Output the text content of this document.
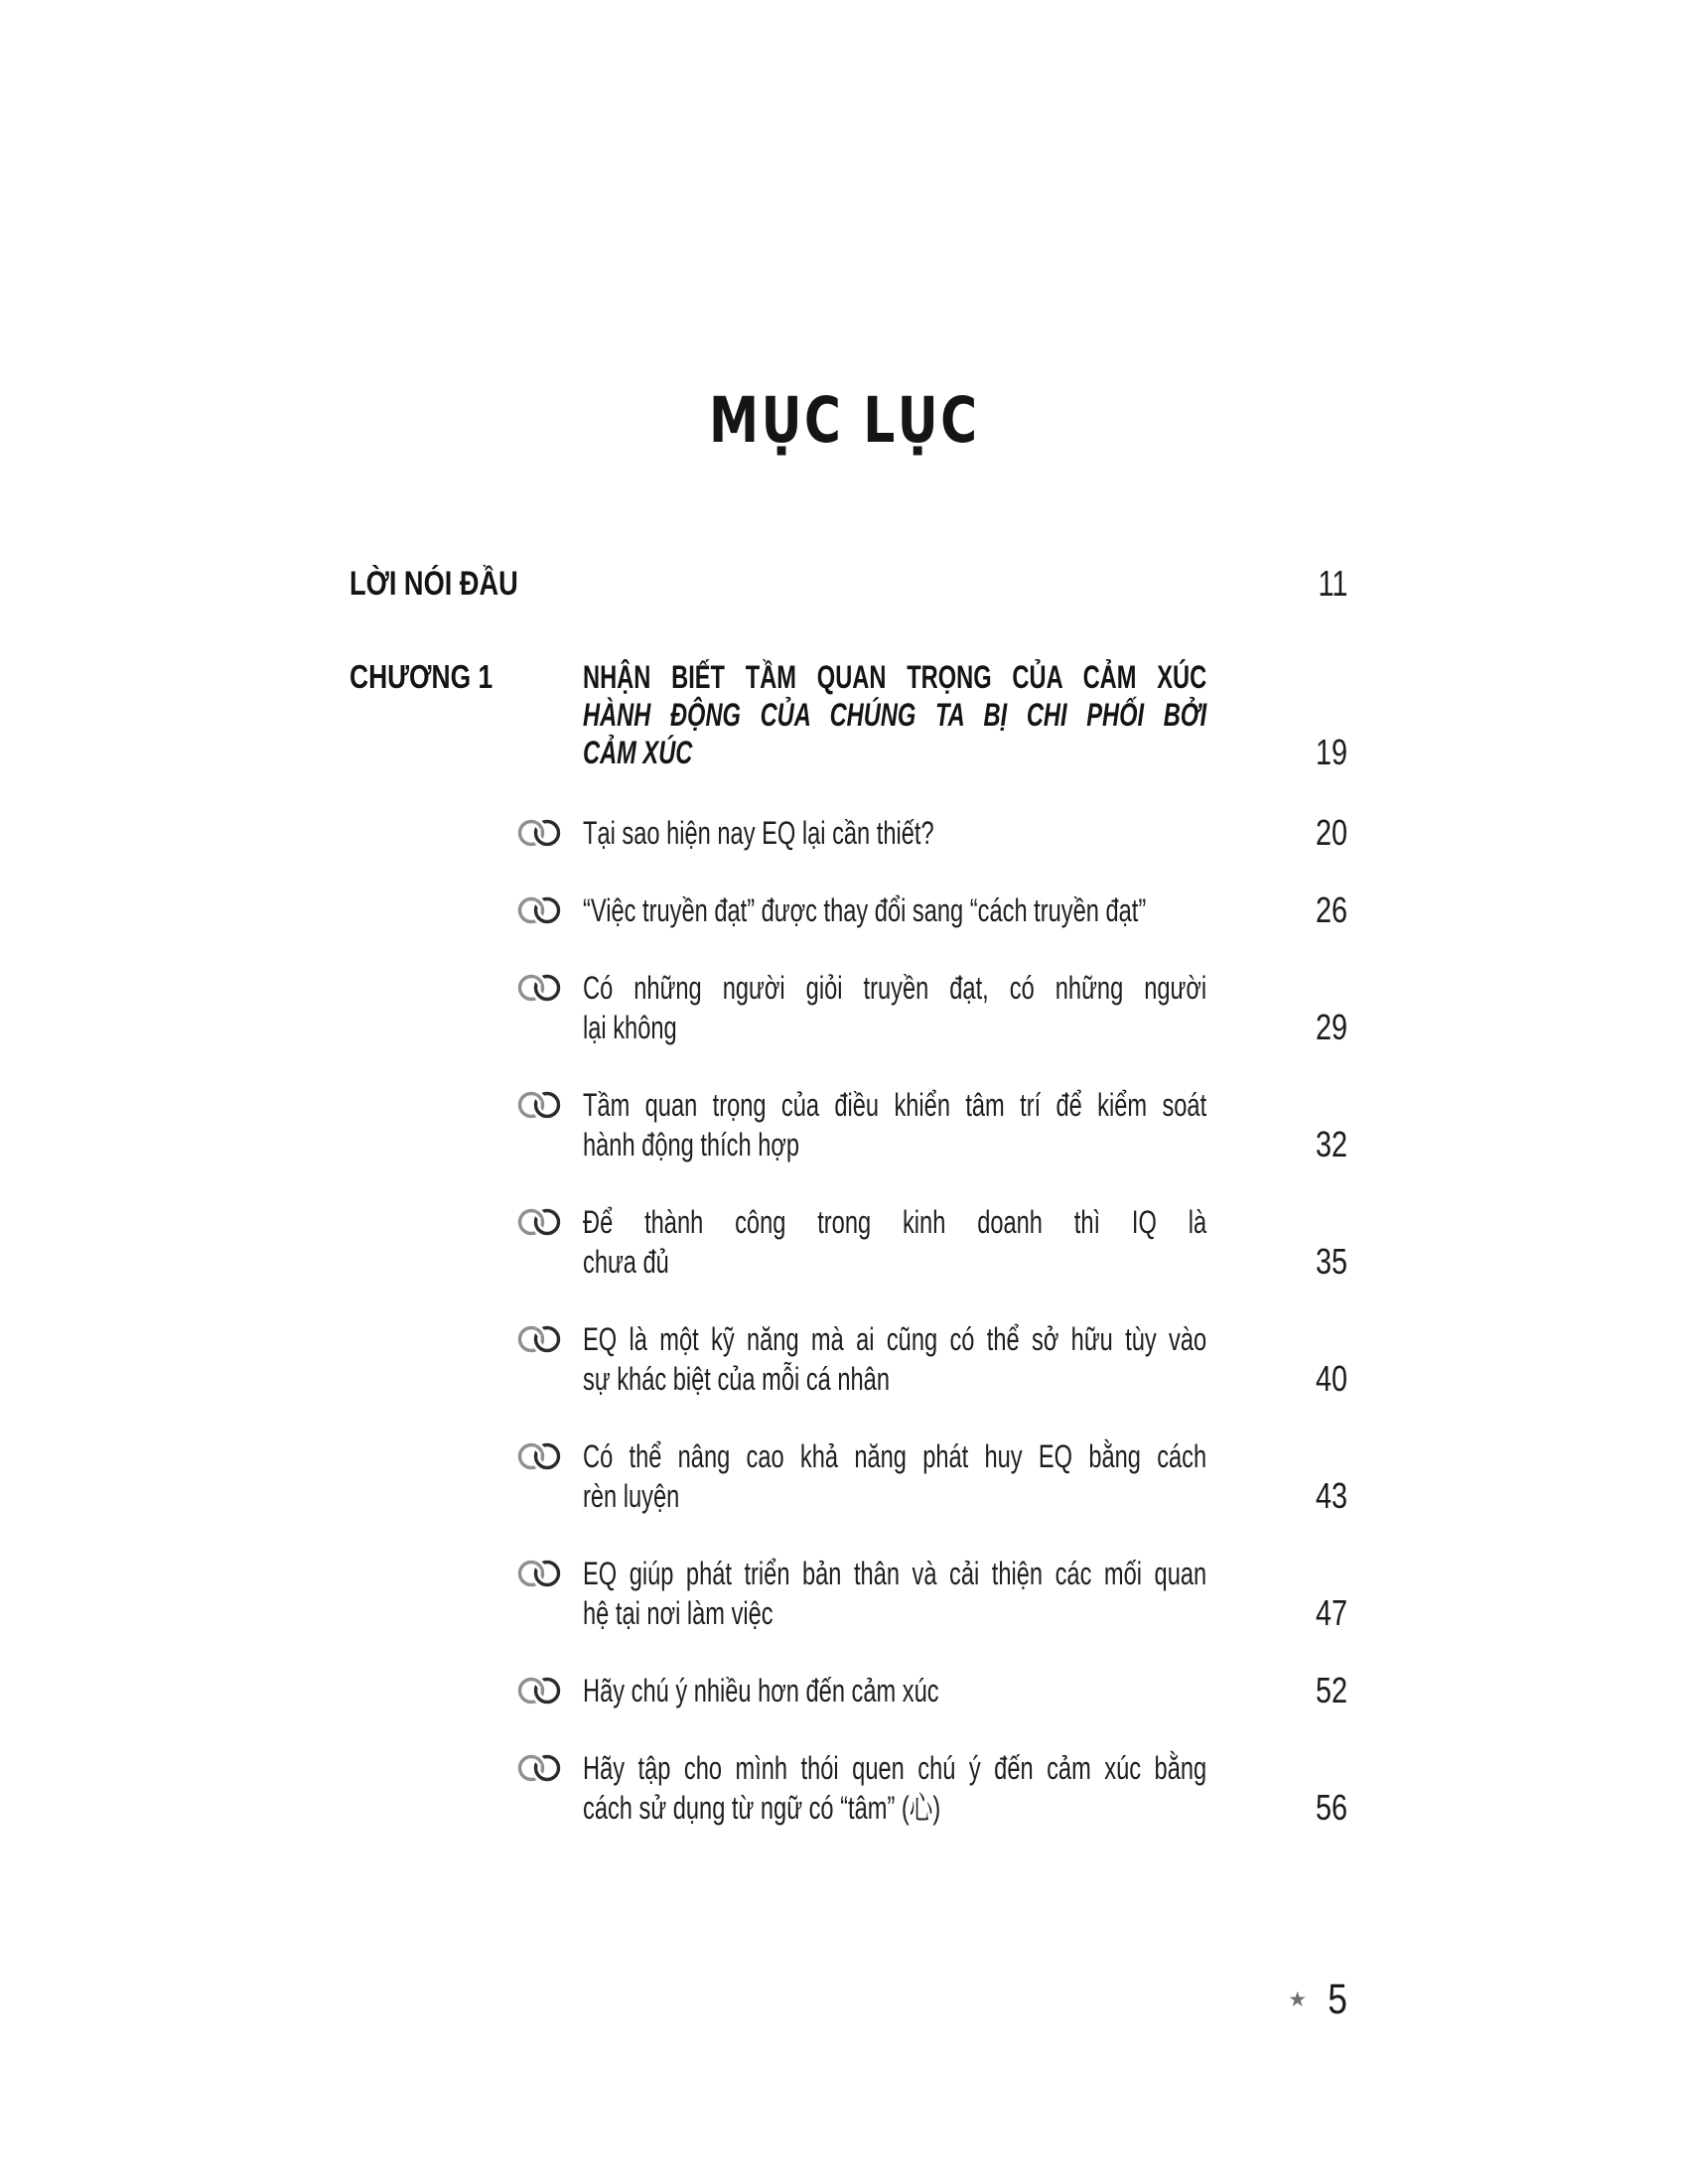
MỤC LỤC
LỜI NÓI ĐẦU	11
CHƯƠNG 1	NHẬN BIẾT TẦM QUAN TRỌNG CỦA CẢM XÚC
HÀNH ĐỘNG CỦA CHÚNG TA BỊ CHI PHỐI BỞI
CẢM XÚC	19
Tại sao hiện nay EQ lại cần thiết?	20
“Việc truyền đạt” được thay đổi sang “cách truyền đạt”	26
Có những người giỏi truyền đạt, có những người
lại không	29
Tầm quan trọng của điều khiển tâm trí để kiểm soát
hành động thích hợp	32
Để thành công trong kinh doanh thì IQ là
chưa đủ	35
EQ là một kỹ năng mà ai cũng có thể sở hữu tùy vào
sự khác biệt của mỗi cá nhân	40
Có thể nâng cao khả năng phát huy EQ bằng cách
rèn luyện	43
EQ giúp phát triển bản thân và cải thiện các mối quan
hệ tại nơi làm việc	47
Hãy chú ý nhiều hơn đến cảm xúc	52
Hãy tập cho mình thói quen chú ý đến cảm xúc bằng
cách sử dụng từ ngữ có “tâm” (心)	56
★ 5
